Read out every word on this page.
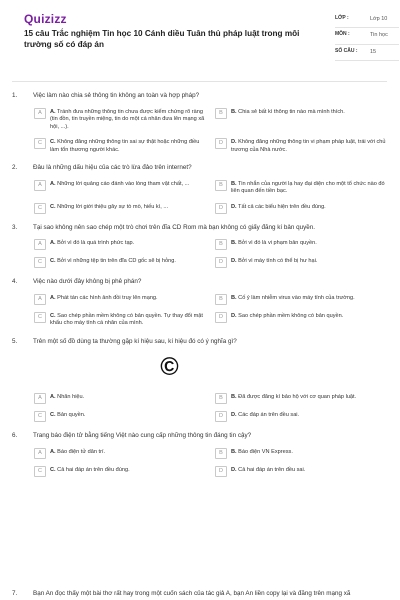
Quizizz
15 câu Trắc nghiệm Tin học 10 Cánh diều Tuân thủ pháp luật trong môi trường số có đáp án
LỚP :	Lớp 10
MÔN :	Tin học
SỐ CÂU :	15
1.	Việc làm nào chia sẻ thông tin không an toàn và hợp pháp?
A	A. Tránh đưa những thông tin chưa được kiểm chứng rõ ràng (tin đồn, tin truyền miệng, tin do một cá nhân đưa lên mạng xã hội, ...).
B	B. Chia sẻ bất kì thông tin nào mà mình thích.
C	C. Không đăng những thông tin sai sự thật hoặc những điều làm tổn thương người khác.
D	D. Không đăng những thông tin vi phạm pháp luật, trái với chủ trương của Nhà nước.
2.	Đâu là những dấu hiệu của các trò lừa đảo trên internet?
A	A. Những lời quảng cáo đánh vào lòng tham vật chất, ...	B	B. Tin nhắn của người lạ hay đại diện cho một tổ chức nào đó liên quan đến tiền bạc.
C	C. Những lời giới thiệu gây sự tò mò, hiếu kì, ...	D	D. Tất cả các biểu hiện trên đều đúng.
3.	Tại sao không nên sao chép một trò chơi trên đĩa CD Rom mà bạn không có giấy đăng kí bản quyền.
A	A. Bởi vì đó là quá trình phức tạp.	B	B. Bởi vì đó là vi phạm bản quyền.
C	C. Bởi vì những tệp tin trên đĩa CD gốc sẽ bị hỏng.	D	D. Bởi vì máy tính có thể bị hư hại.
4.	Việc nào dưới đây không bị phê phán?
A	A. Phát tán các hình ảnh đồi truy lên mạng.	B	B. Cố ý làm nhiễm virus vào máy tính của trường.
C	C. Sao chép phần mềm không có bản quyền. Tự thay đổi mật khẩu cho máy tính cá nhân của mình.
D	D. Sao chép phần mềm không có bản quyền.
5.	Trên một số đồ dùng ta thường gặp kí hiệu sau, kí hiệu đó có ý nghĩa gì?
©
A	A. Nhãn hiệu.	B	B. Đã được đăng kí bảo hộ với cơ quan pháp luật.
C	C. Bản quyền.	D	D. Các đáp án trên đều sai.
6.	Trang báo điện tử bằng tiếng Việt nào cung cấp những thông tin đáng tin cậy?
A	A. Báo điện tử dân trí.	B	B. Báo điện VN Express.
C	C. Cả hai đáp án trên đều đúng.	D	D. Cả hai đáp án trên đều sai.
7.	Bạn An đọc thấy một bài thơ rất hay trong một cuốn sách của tác giả A, bạn An liền copy lại và đăng trên mạng xã
